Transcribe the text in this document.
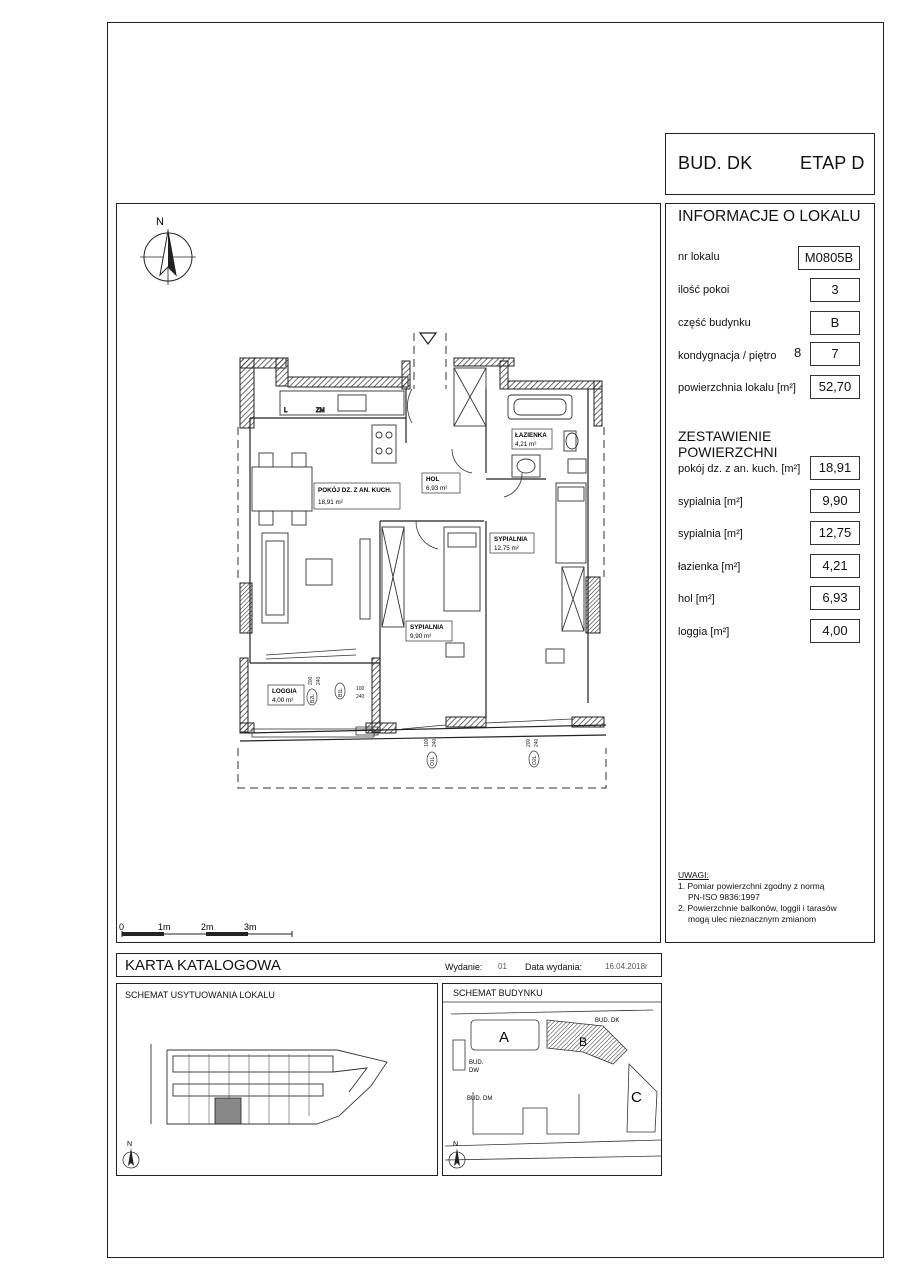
BUD. DK	ETAP D
INFORMACJE O LOKALU
nr lokalu	M0805B
ilość pokoi	3
część budynku	B
kondygnacja / piętro 8	7
powierzchnia lokalu [m²]	52,70
ZESTAWIENIE POWIERZCHNI
pokój dz. z an. kuch. [m²]	18,91
sypialnia [m²]	9,90
sypialnia [m²]	12,75
łazienka [m²]	4,21
hol [m²]	6,93
loggia [m²]	4,00
UWAGI:
1. Pomiar powierzchni zgodny z normą
PN-ISO 9836:1997
2. Powierzchnie balkonów, loggii i tarasów
mogą ulec nieznacznym zmianom
N
L	ZM
POKÓJ DZ. Z AN. KUCH.
18,91 m²
HOL
6,93 m²
ŁAZIENKA
4,21 m²
SYPIALNIA
12,75 m²
SYPIALNIA
9,90 m²
LOGGIA
4,00 m²	B2L
B1L
O1L	O2L
200 240
100
240
100 240	200 240
0	1m	2m	3m
KARTA KATALOGOWA	Wydanie: 01 Data wydania:	16.04.2018r
SCHEMAT USYTUOWANIA LOKALU
N
SCHEMAT BUDYNKU
A	B
C
BUD. DK
BUD.
DW
BUD. DM
N
